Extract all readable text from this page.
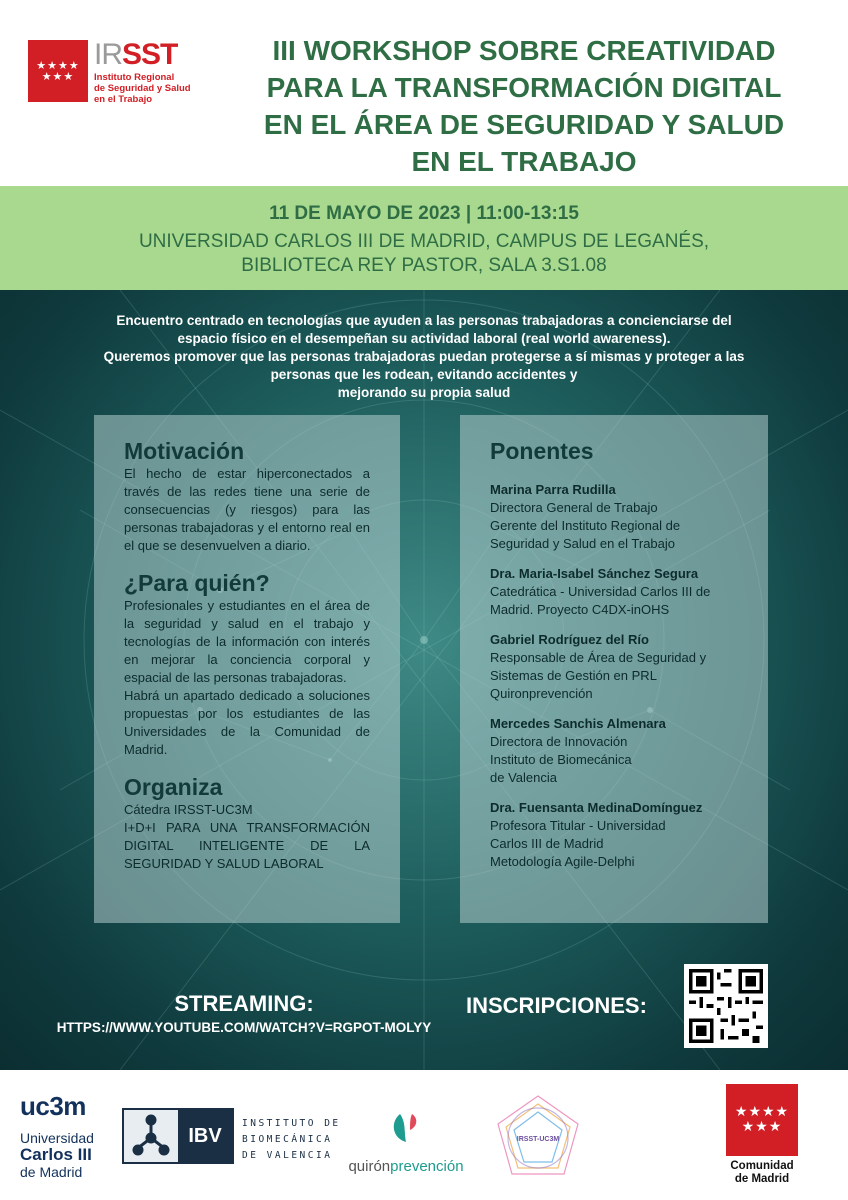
★★★★
★★★
IRSST
Instituto Regional
de Seguridad y Salud
en el Trabajo
III WORKSHOP SOBRE CREATIVIDAD
PARA LA TRANSFORMACIÓN DIGITAL
EN EL ÁREA DE SEGURIDAD Y SALUD
EN EL TRABAJO
11 DE MAYO DE 2023 | 11:00-13:15
UNIVERSIDAD CARLOS III DE MADRID, CAMPUS DE LEGANÉS,
BIBLIOTECA REY PASTOR, SALA 3.S1.08
Encuentro centrado en tecnologías que ayuden a las personas trabajadoras a concienciarse del
espacio físico en el desempeñan su actividad laboral (real world awareness).
Queremos promover que las personas trabajadoras puedan protegerse a sí mismas y proteger a las
personas que les rodean, evitando accidentes y
mejorando su propia salud
Motivación
El hecho de estar hiperconectados a través de las redes tiene una serie de consecuencias (y riesgos) para las personas trabajadoras y el entorno real en el que se desenvuelven a diario.
¿Para quién?
Profesionales y estudiantes en el área de la seguridad y salud en el trabajo y tecnologías de la información con interés en mejorar la conciencia corporal y espacial de las personas trabajadoras.
Habrá un apartado dedicado a soluciones propuestas por los estudiantes de las Universidades de la Comunidad de Madrid.
Organiza
Cátedra IRSST-UC3M
I+D+I PARA UNA TRANSFORMACIÓN DIGITAL INTELIGENTE DE LA SEGURIDAD Y SALUD LABORAL
Ponentes
Marina Parra Rudilla
Directora General de Trabajo
Gerente del Instituto Regional de
Seguridad y Salud en el Trabajo
Dra. Maria-Isabel Sánchez Segura
Catedrática - Universidad Carlos III de
Madrid. Proyecto C4DX-inOHS
Gabriel Rodríguez del Río
Responsable de Área de Seguridad y
Sistemas de Gestión en PRL
Quironprevención
Mercedes Sanchis Almenara
Directora de Innovación
Instituto de Biomecánica
de Valencia
Dra. Fuensanta MedinaDomínguez
Profesora Titular - Universidad
Carlos III de Madrid
Metodología Agile-Delphi
STREAMING:
HTTPS://WWW.YOUTUBE.COM/WATCH?V=RGPOT-MOLYY
INSCRIPCIONES:
uc3m
Universidad
Carlos III
de Madrid
IBV
INSTITUTO DE
BIOMECÁNICA
DE VALENCIA
quirónprevención
IRSST-UC3M
★★★★
★★★
Comunidad
de Madrid
